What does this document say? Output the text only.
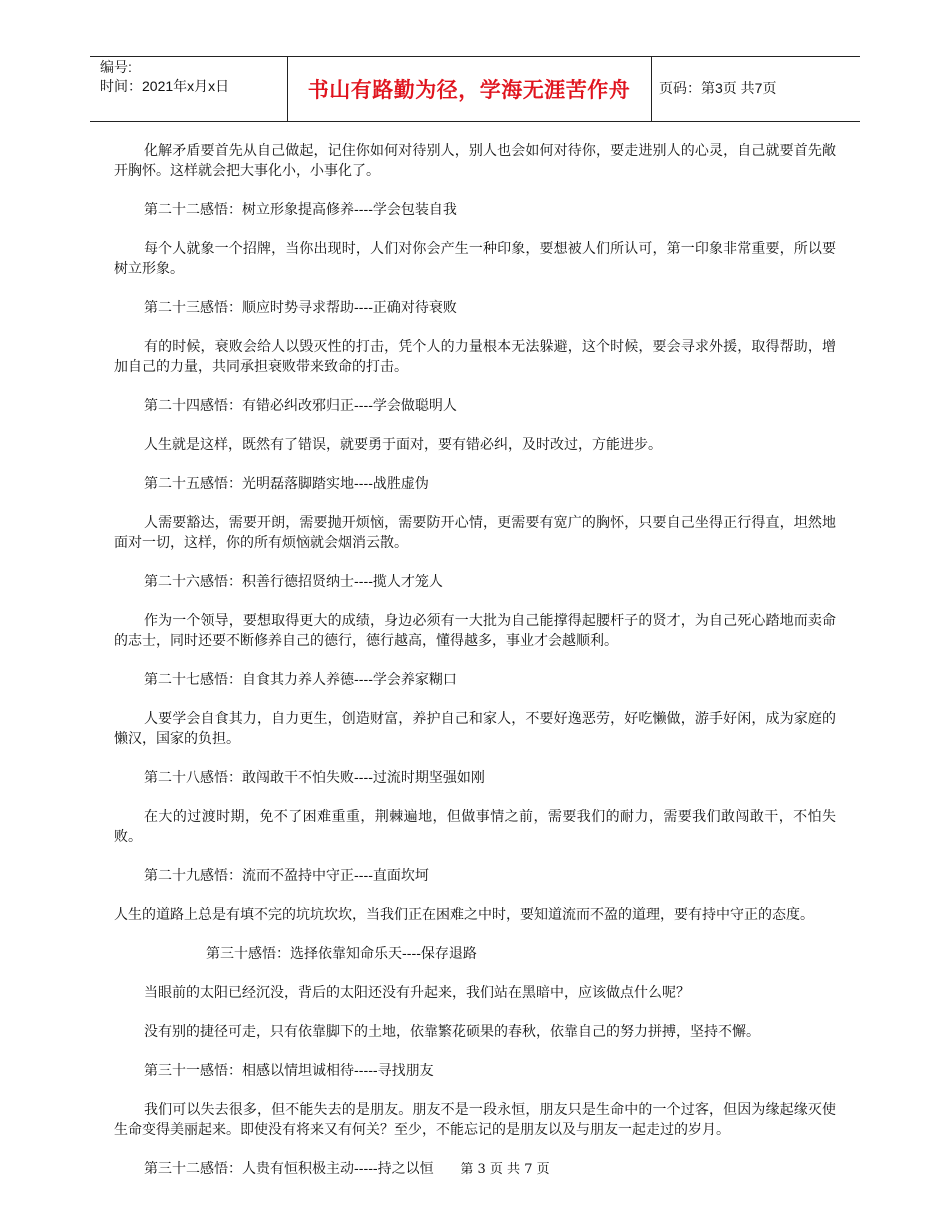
编号:
时间：2021年x月x日	书山有路勤为径，学海无涯苦作舟	页码：第3页 共7页

化解矛盾要首先从自己做起，记住你如何对待别人，别人也会如何对待你，要走进别人的心灵，自己就要首先敞开胸怀。这样就会把大事化小，小事化了。

第二十二感悟：树立形象提高修养----学会包装自我

每个人就象一个招牌，当你出现时，人们对你会产生一种印象，要想被人们所认可，第一印象非常重要，所以要树立形象。

第二十三感悟：顺应时势寻求帮助----正确对待衰败

有的时候，衰败会给人以毁灭性的打击，凭个人的力量根本无法躲避，这个时候，要会寻求外援，取得帮助，增加自己的力量，共同承担衰败带来致命的打击。

第二十四感悟：有错必纠改邪归正----学会做聪明人

人生就是这样，既然有了错误，就要勇于面对，要有错必纠，及时改过，方能进步。

第二十五感悟：光明磊落脚踏实地----战胜虚伪

人需要豁达，需要开朗，需要抛开烦恼，需要防开心情，更需要有宽广的胸怀，只要自己坐得正行得直，坦然地面对一切，这样，你的所有烦恼就会烟消云散。

第二十六感悟：积善行德招贤纳士----揽人才笼人

作为一个领导，要想取得更大的成绩，身边必须有一大批为自己能撑得起腰杆子的贤才，为自己死心踏地而卖命的志士，同时还要不断修养自己的德行，德行越高，懂得越多，事业才会越顺利。

第二十七感悟：自食其力养人养德----学会养家糊口

人要学会自食其力，自力更生，创造财富，养护自己和家人，不要好逸恶劳，好吃懒做，游手好闲，成为家庭的懒汉，国家的负担。

第二十八感悟：敢闯敢干不怕失败----过流时期坚强如刚

在大的过渡时期，免不了困难重重，荆棘遍地，但做事情之前，需要我们的耐力，需要我们敢闯敢干，不怕失败。

第二十九感悟：流而不盈持中守正----直面坎坷

人生的道路上总是有填不完的坑坑坎坎，当我们正在困难之中时，要知道流而不盈的道理，要有持中守正的态度。

第三十感悟：选择依靠知命乐天----保存退路

当眼前的太阳已经沉没，背后的太阳还没有升起来，我们站在黑暗中，应该做点什么呢？

没有别的捷径可走，只有依靠脚下的土地，依靠繁花硕果的春秋，依靠自己的努力拼搏，坚持不懈。

第三十一感悟：相感以情坦诚相待-----寻找朋友

我们可以失去很多，但不能失去的是朋友。朋友不是一段永恒，朋友只是生命中的一个过客，但因为缘起缘灭使生命变得美丽起来。即使没有将来又有何关？至少，不能忘记的是朋友以及与朋友一起走过的岁月。

第三十二感悟：人贵有恒积极主动-----持之以恒	第 3 页 共 7 页
